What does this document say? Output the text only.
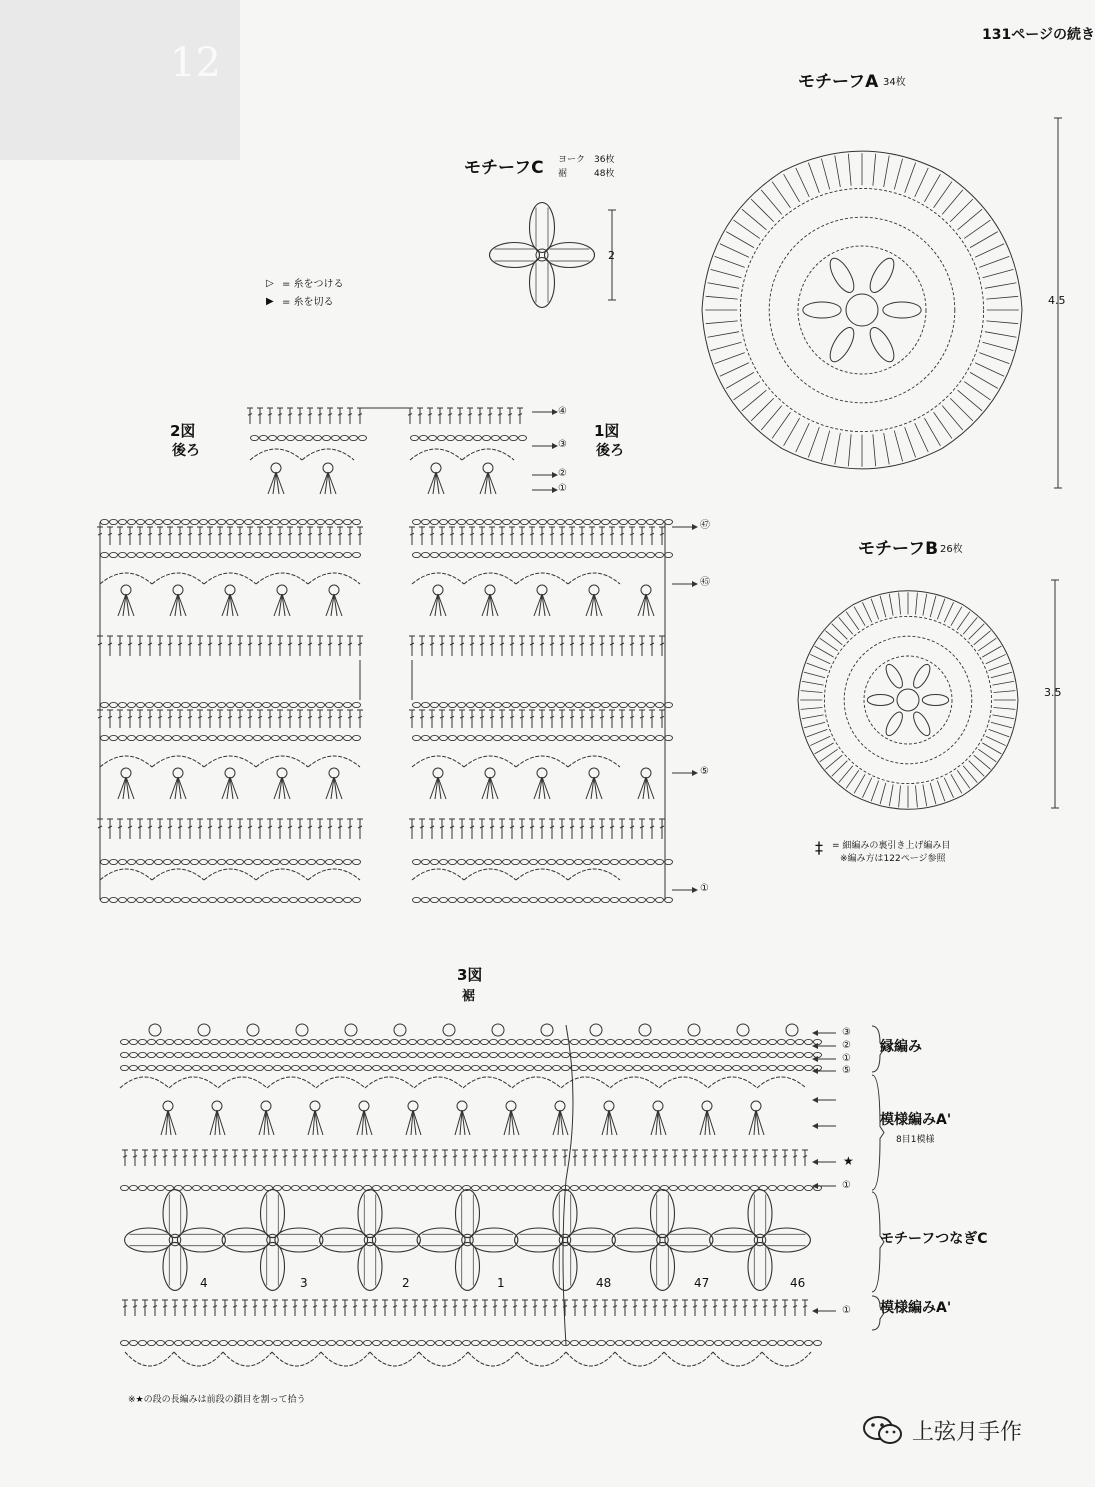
12
131ページの続き
モチーフA 34枚
4.5
モチーフC ヨーク 36枚
裾	48枚
2
▷ = 糸をつける
▶ = 糸を切る
2図
後ろ
1図
後ろ
④
③
②
①
㊼
㊺
⑤
①
モチーフB 26枚
3.5
‡ = 細編みの裏引き上げ編み目
※編み方は122ページ参照
3図
裾
③
②
①
⑤
★
①
①
縁編み
模様編みA'
8目1模様
モチーフつなぎC
模様編みA'
4	3	2	1	48	47	46
※★の段の長編みは前段の鎖目を割って拾う
上弦月手作
